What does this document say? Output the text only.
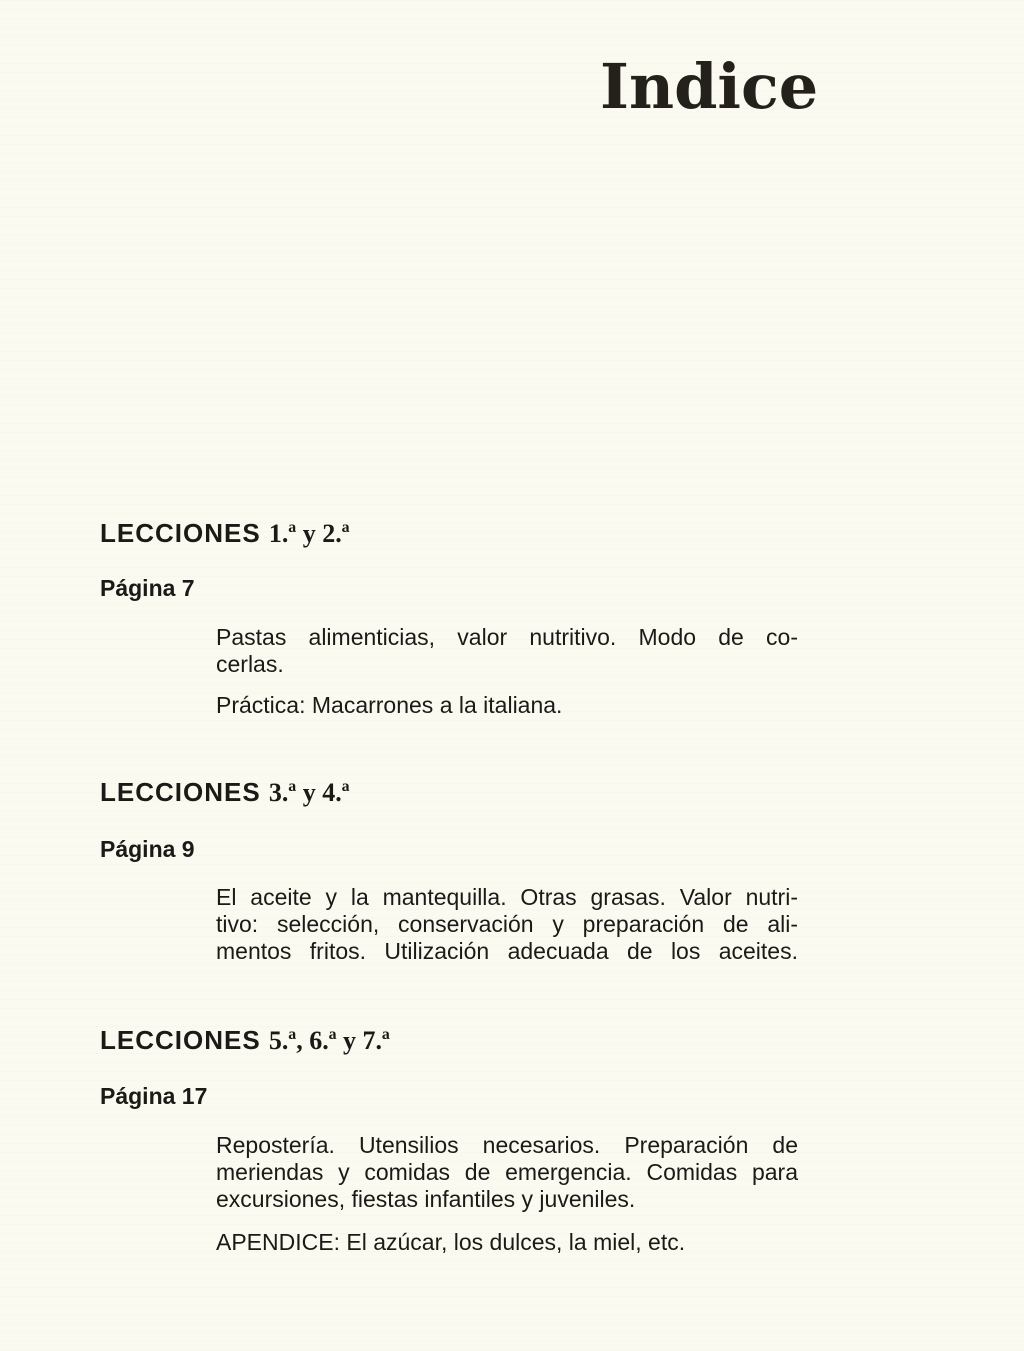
Indice
LECCIONES 1.ª y 2.ª
Página 7

Pastas alimenticias, valor nutritivo. Modo de co-

cerlas.

Práctica: Macarrones a la italiana.

LECCIONES 3.ª y 4.ª
Página 9

El aceite y la mantequilla. Otras grasas. Valor nutri-

tivo: selección, conservación y preparación de ali-

mentos fritos. Utilización adecuada de los aceites.

LECCIONES 5.ª, 6.ª y 7.ª
Página 17

Repostería. Utensilios necesarios. Preparación de

meriendas y comidas de emergencia. Comidas para

excursiones, fiestas infantiles y juveniles.

APENDICE: El azúcar, los dulces, la miel, etc.
